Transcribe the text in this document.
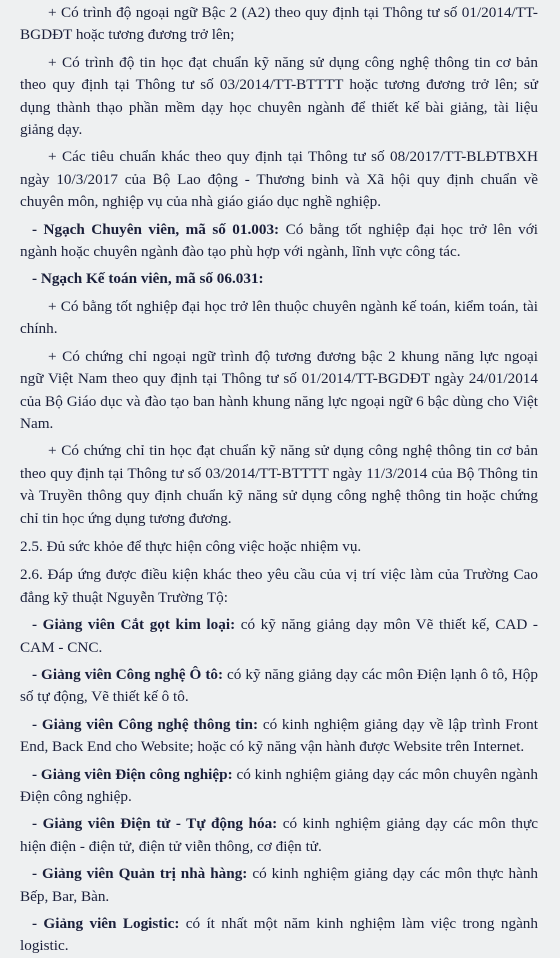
+ Có trình độ ngoại ngữ Bậc 2 (A2) theo quy định tại Thông tư số 01/2014/TT-BGDĐT hoặc tương đương trở lên;

+ Có trình độ tin học đạt chuẩn kỹ năng sử dụng công nghệ thông tin cơ bản theo quy định tại Thông tư số 03/2014/TT-BTTTT hoặc tương đương trở lên; sử dụng thành thạo phần mềm dạy học chuyên ngành để thiết kế bài giảng, tài liệu giảng dạy.

+ Các tiêu chuẩn khác theo quy định tại Thông tư số 08/2017/TT-BLĐTBXH ngày 10/3/2017 của Bộ Lao động - Thương binh và Xã hội quy định chuẩn về chuyên môn, nghiệp vụ của nhà giáo giáo dục nghề nghiệp.

- Ngạch Chuyên viên, mã số 01.003: Có bằng tốt nghiệp đại học trở lên với ngành hoặc chuyên ngành đào tạo phù hợp với ngành, lĩnh vực công tác.

- Ngạch Kế toán viên, mã số 06.031:

+ Có bằng tốt nghiệp đại học trở lên thuộc chuyên ngành kế toán, kiểm toán, tài chính.

+ Có chứng chỉ ngoại ngữ trình độ tương đương bậc 2 khung năng lực ngoại ngữ Việt Nam theo quy định tại Thông tư số 01/2014/TT-BGDĐT ngày 24/01/2014 của Bộ Giáo dục và đào tạo ban hành khung năng lực ngoại ngữ 6 bậc dùng cho Việt Nam.

+ Có chứng chỉ tin học đạt chuẩn kỹ năng sử dụng công nghệ thông tin cơ bản theo quy định tại Thông tư số 03/2014/TT-BTTTT ngày 11/3/2014 của Bộ Thông tin và Truyền thông quy định chuẩn kỹ năng sử dụng công nghệ thông tin hoặc chứng chỉ tin học ứng dụng tương đương.

2.5. Đủ sức khỏe để thực hiện công việc hoặc nhiệm vụ.

2.6. Đáp ứng được điều kiện khác theo yêu cầu của vị trí việc làm của Trường Cao đẳng kỹ thuật Nguyễn Trường Tộ:

- Giảng viên Cắt gọt kim loại: có kỹ năng giảng dạy môn Vẽ thiết kế, CAD - CAM - CNC.

- Giảng viên Công nghệ Ô tô: có kỹ năng giảng dạy các môn Điện lạnh ô tô, Hộp số tự động, Vẽ thiết kế ô tô.

- Giảng viên Công nghệ thông tin: có kinh nghiệm giảng dạy về lập trình Front End, Back End cho Website; hoặc có kỹ năng vận hành được Website trên Internet.

- Giảng viên Điện công nghiệp: có kinh nghiệm giảng dạy các môn chuyên ngành Điện công nghiệp.

- Giảng viên Điện tử - Tự động hóa: có kinh nghiệm giảng dạy các môn thực hiện điện - điện tử, điện tử viễn thông, cơ điện tử.

- Giảng viên Quản trị nhà hàng: có kinh nghiệm giảng dạy các môn thực hành Bếp, Bar, Bàn.

- Giảng viên Logistic: có ít nhất một năm kinh nghiệm làm việc trong ngành logistic.
